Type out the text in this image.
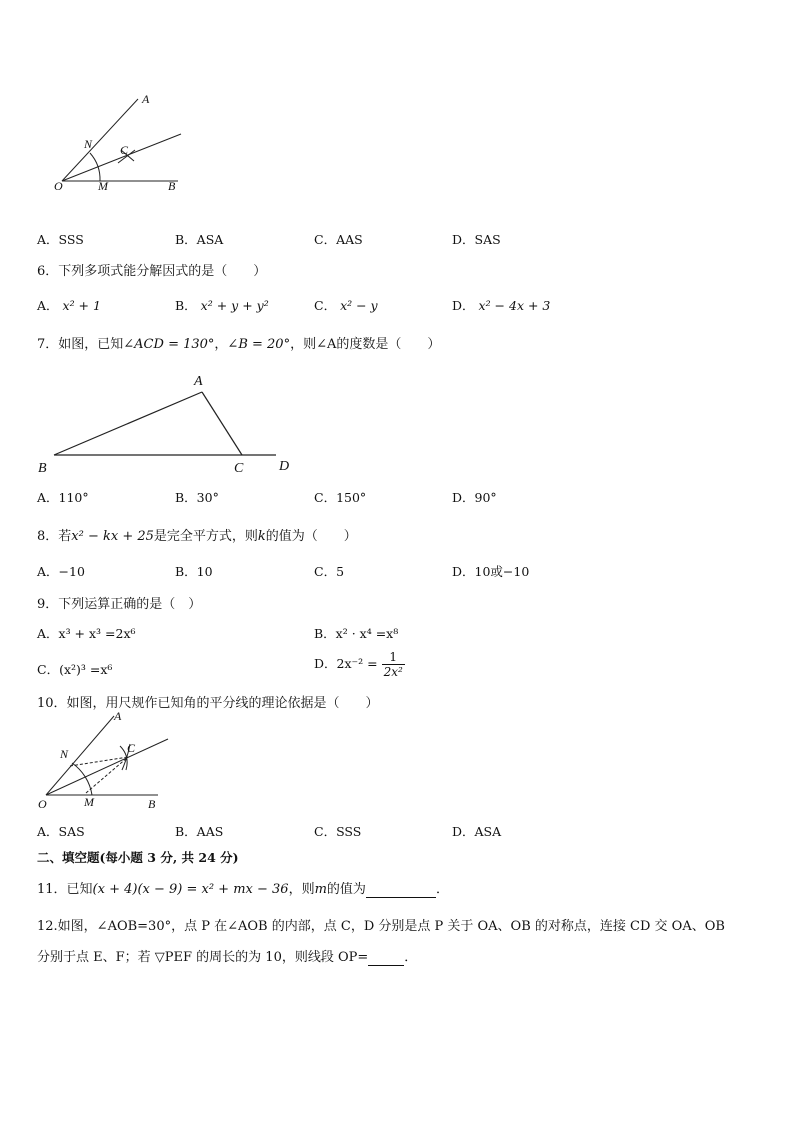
A
N C
O	M	B
A．SSS	B．ASA	C．AAS	D．SAS
6．下列多项式能分解因式的是（　　）
A． x² + 1	B． x² + y + y²	C． x² − y	D． x² − 4x + 3
7．如图，已知∠ACD = 130°，∠B = 20°，则∠A的度数是（　　）
A
B	C	D
A．110°	B．30°	C．150°	D．90°
8．若x² − kx + 25是完全平方式，则k的值为（　　）
A．−10	B．10	C．5	D．10或−10
9．下列运算正确的是（　）
A．x³ + x³ =2x⁶	B．x² · x⁴ =x⁸
C．(x²)³ =x⁶	D．$2x^{-2} = \frac{1}{\text{2x²}}$
10．如图，用尺规作已知角的平分线的理论依据是（　　）
A
N	C
O	M	B
A．SAS	B．AAS	C．SSS	D．ASA
二、填空题(每小题 3 分, 共 24 分)
11．已知(x + 4)(x − 9) = x² + mx − 36，则m的值为	．
12.如图，∠AOB=30°，点 P 在∠AOB 的内部，点 C，D 分别是点 P 关于 OA、OB 的对称点，连接 CD 交 OA、OB
分别于点 E、F；若 ▽PEF 的周长的为 10，则线段 OP=	．
